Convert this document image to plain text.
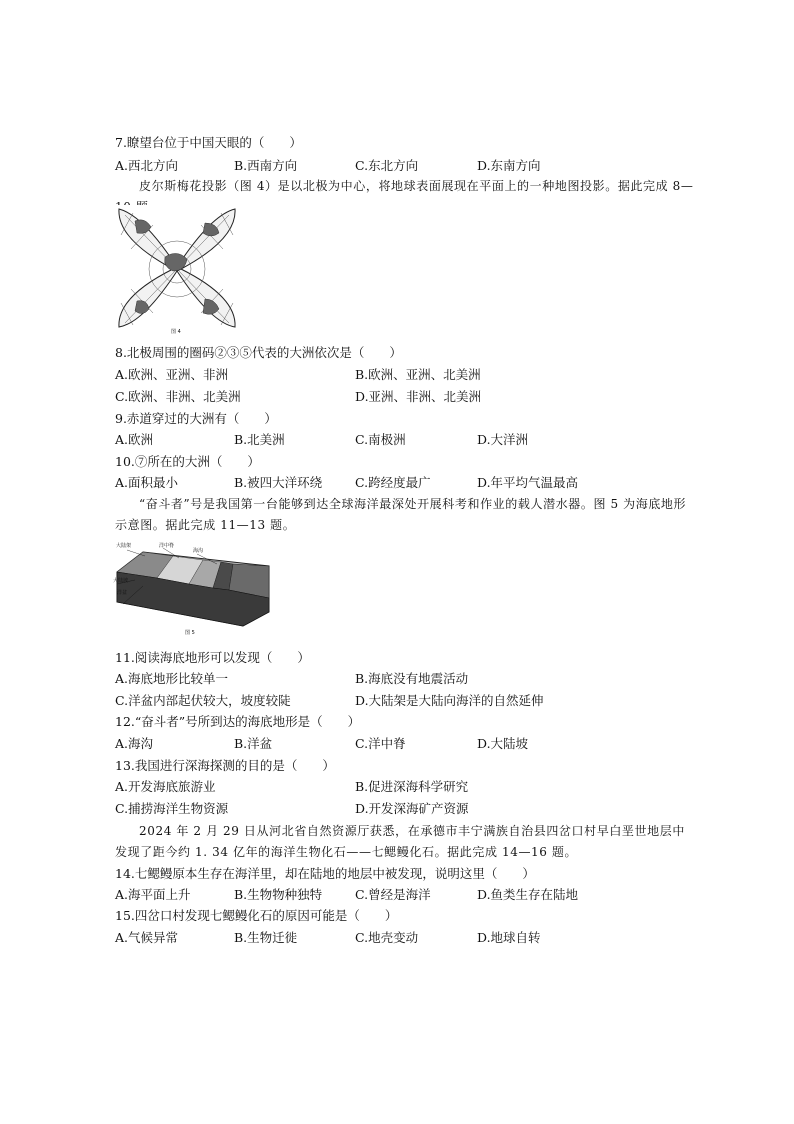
7.瞭望台位于中国天眼的（　　）
A.西北方向	B.西南方向	C.东北方向	D.东南方向
皮尔斯梅花投影（图 4）是以北极为中心，将地球表面展现在平面上的一种地图投影。据此完成 8—
图 4
8.北极周围的圈码②③⑤代表的大洲依次是（　　）
A.欧洲、亚洲、非洲	B.欧洲、亚洲、北美洲
C.欧洲、非洲、北美洲	D.亚洲、非洲、北美洲
9.赤道穿过的大洲有（　　）
A.欧洲	B.北美洲	C.南极洲	D.大洋洲
10.⑦所在的大洲（　　）
A.面积最小	B.被四大洋环绕	C.跨经度最广	D.年平均气温最高
“奋斗者”号是我国第一台能够到达全球海洋最深处开展科考和作业的载人潜水器。图 5 为海底地形示意图。据此完成 11—13 题。
大陆架	洋中脊
海沟
大陆坡
洋盆
图 5
11.阅读海底地形可以发现（　　）
A.海底地形比较单一	B.海底没有地震活动
C.洋盆内部起伏较大，坡度较陡	D.大陆架是大陆向海洋的自然延伸
12.“奋斗者”号所到达的海底地形是（　　）
A.海沟	B.洋盆	C.洋中脊	D.大陆坡
13.我国进行深海探测的目的是（　　）
A.开发海底旅游业	B.促进深海科学研究
C.捕捞海洋生物资源	D.开发深海矿产资源
2024 年 2 月 29 日从河北省自然资源厅获悉，在承德市丰宁满族自治县四岔口村早白垩世地层中发现了距今约 1. 34 亿年的海洋生物化石——七鳃鳗化石。据此完成 14—16 题。
14.七鳃鳗原本生存在海洋里，却在陆地的地层中被发现，说明这里（　　）
A.海平面上升	B.生物物种独特	C.曾经是海洋	D.鱼类生存在陆地
15.四岔口村发现七鳃鳗化石的原因可能是（　　）
A.气候异常	B.生物迁徙	C.地壳变动	D.地球自转
